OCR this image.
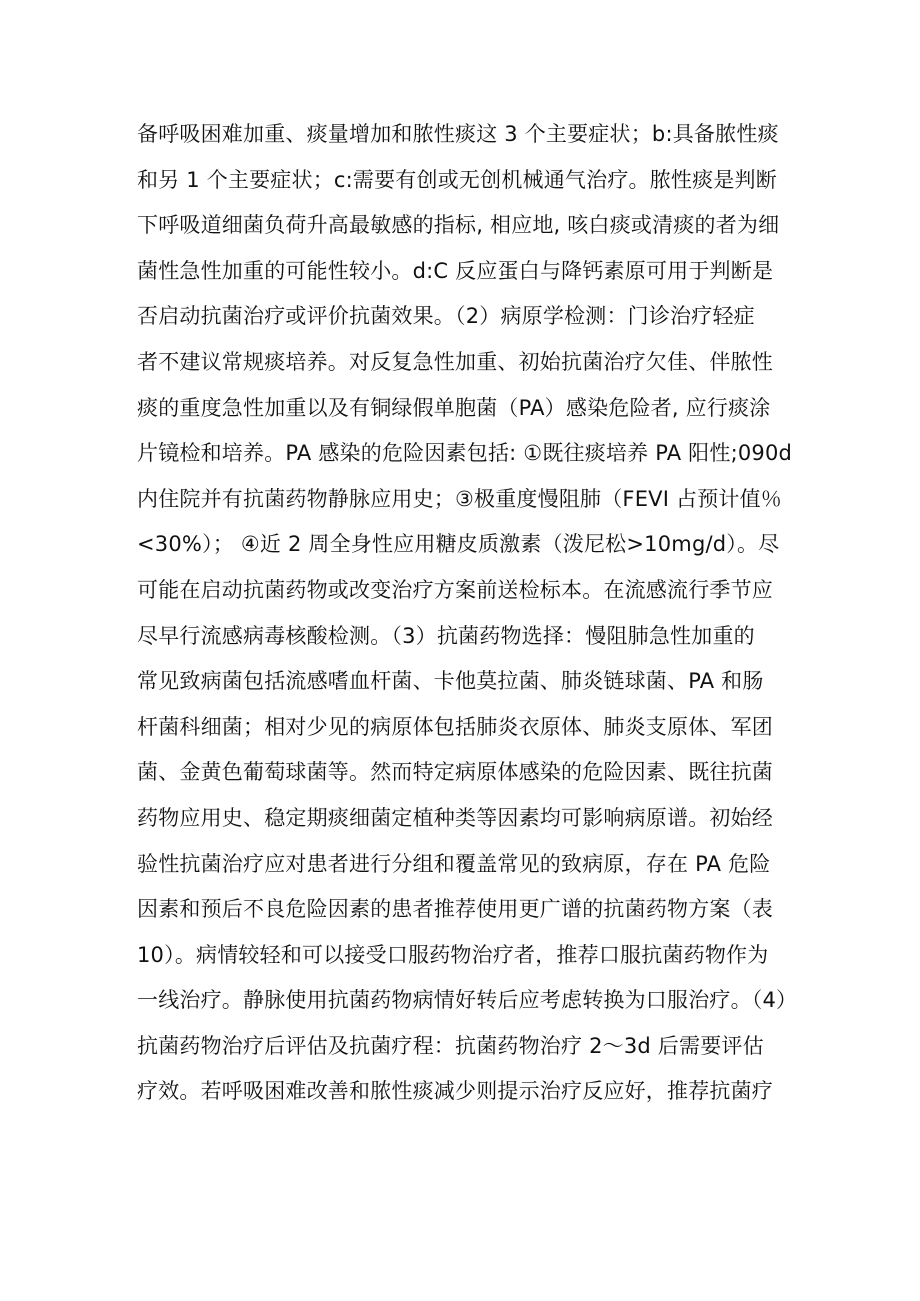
备呼吸困难加重、痰量增加和脓性痰这 3 个主要症状；b:具备脓性痰
和另 1 个主要症状；c:需要有创或无创机械通气治疗。脓性痰是判断
下呼吸道细菌负荷升高最敏感的指标, 相应地, 咳白痰或清痰的者为细
菌性急性加重的可能性较小。d:C 反应蛋白与降钙素原可用于判断是
否启动抗菌治疗或评价抗菌效果。（2）病原学检测：门诊治疗轻症
者不建议常规痰培养。对反复急性加重、初始抗菌治疗欠佳、伴脓性
痰的重度急性加重以及有铜绿假单胞菌（PA）感染危险者, 应行痰涂
片镜检和培养。PA 感染的危险因素包括: ①既往痰培养 PA 阳性;090d
内住院并有抗菌药物静脉应用史；③极重度慢阻肺（FEVI 占预计值％
<30%）； ④近 2 周全身性应用糖皮质激素（泼尼松>10mg/d）。尽
可能在启动抗菌药物或改变治疗方案前送检标本。在流感流行季节应
尽早行流感病毒核酸检测。（3）抗菌药物选择：慢阻肺急性加重的
常见致病菌包括流感嗜血杆菌、卡他莫拉菌、肺炎链球菌、PA 和肠
杆菌科细菌；相对少见的病原体包括肺炎衣原体、肺炎支原体、军团
菌、金黄色葡萄球菌等。然而特定病原体感染的危险因素、既往抗菌
药物应用史、稳定期痰细菌定植种类等因素均可影响病原谱。初始经
验性抗菌治疗应对患者进行分组和覆盖常见的致病原，存在 PA 危险
因素和预后不良危险因素的患者推荐使用更广谱的抗菌药物方案（表
10）。病情较轻和可以接受口服药物治疗者，推荐口服抗菌药物作为
一线治疗。静脉使用抗菌药物病情好转后应考虑转换为口服治疗。（4）
抗菌药物治疗后评估及抗菌疗程：抗菌药物治疗 2～3d 后需要评估
疗效。若呼吸困难改善和脓性痰减少则提示治疗反应好，推荐抗菌疗
